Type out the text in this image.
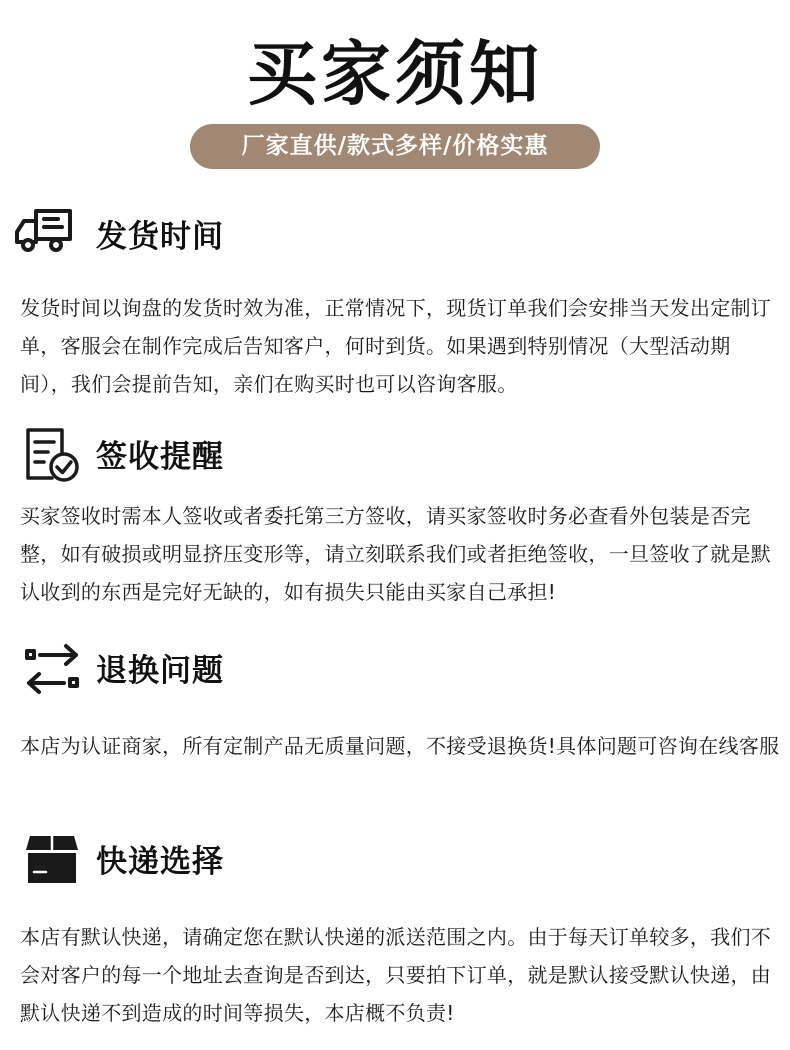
买家须知
厂家直供/款式多样/价格实惠
发货时间

发货时间以询盘的发货时效为准，正常情况下，现货订单我们会安排当天发出定制订单，客服会在制作完成后告知客户，何时到货。如果遇到特别情况（大型活动期间），我们会提前告知，亲们在购买时也可以咨询客服。

签收提醒

买家签收时需本人签收或者委托第三方签收，请买家签收时务必查看外包装是否完整，如有破损或明显挤压变形等，请立刻联系我们或者拒绝签收，一旦签收了就是默认收到的东西是完好无缺的，如有损失只能由买家自己承担!

退换问题

本店为认证商家，所有定制产品无质量问题，不接受退换货!具体问题可咨询在线客服

快递选择

本店有默认快递，请确定您在默认快递的派送范围之内。由于每天订单较多，我们不会对客户的每一个地址去查询是否到达，只要拍下订单，就是默认接受默认快递，由默认快递不到造成的时间等损失，本店概不负责!
